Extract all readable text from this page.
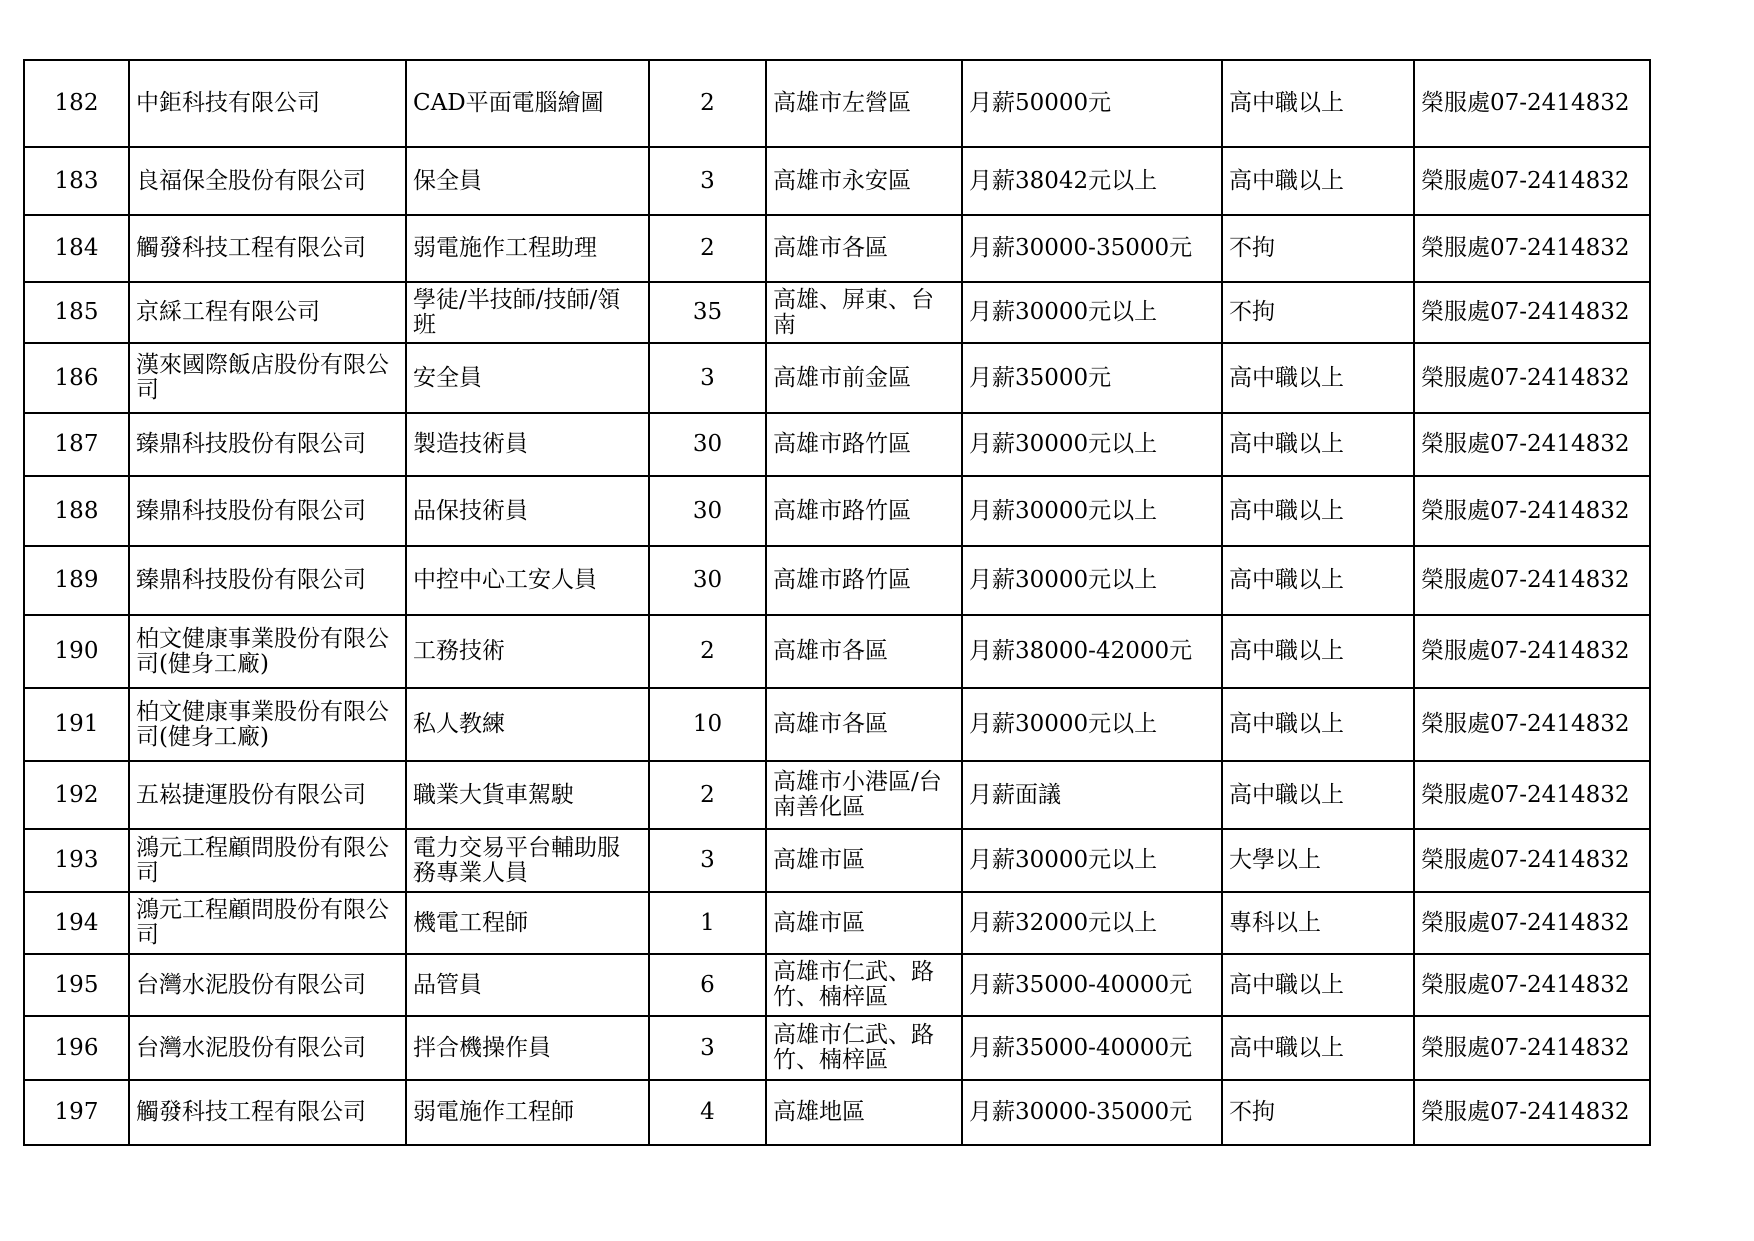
182	中鉅科技有限公司	CAD平面電腦繪圖	2	高雄市左營區	月薪50000元	高中職以上	榮服處07-2414832
183	良福保全股份有限公司	保全員	3	高雄市永安區	月薪38042元以上	高中職以上	榮服處07-2414832
184	觸發科技工程有限公司	弱電施作工程助理	2	高雄市各區	月薪30000-35000元	不拘	榮服處07-2414832
185	京綵工程有限公司	學徒/半技師/技師/領班	35	高雄、屏東、台南	月薪30000元以上	不拘	榮服處07-2414832
186	漢來國際飯店股份有限公司	安全員	3	高雄市前金區	月薪35000元	高中職以上	榮服處07-2414832
187	臻鼎科技股份有限公司	製造技術員	30	高雄市路竹區	月薪30000元以上	高中職以上	榮服處07-2414832
188	臻鼎科技股份有限公司	品保技術員	30	高雄市路竹區	月薪30000元以上	高中職以上	榮服處07-2414832
189	臻鼎科技股份有限公司	中控中心工安人員	30	高雄市路竹區	月薪30000元以上	高中職以上	榮服處07-2414832
190	柏文健康事業股份有限公司(健身工廠)	工務技術	2	高雄市各區	月薪38000-42000元	高中職以上	榮服處07-2414832
191	柏文健康事業股份有限公司(健身工廠)	私人教練	10	高雄市各區	月薪30000元以上	高中職以上	榮服處07-2414832
192	五崧捷運股份有限公司	職業大貨車駕駛	2	高雄市小港區/台南善化區	月薪面議	高中職以上	榮服處07-2414832
193	鴻元工程顧問股份有限公司	電力交易平台輔助服務專業人員	3	高雄市區	月薪30000元以上	大學以上	榮服處07-2414832
194	鴻元工程顧問股份有限公司	機電工程師	1	高雄市區	月薪32000元以上	專科以上	榮服處07-2414832
195	台灣水泥股份有限公司	品管員	6	高雄市仁武、路竹、楠梓區	月薪35000-40000元	高中職以上	榮服處07-2414832
196	台灣水泥股份有限公司	拌合機操作員	3	高雄市仁武、路竹、楠梓區	月薪35000-40000元	高中職以上	榮服處07-2414832
197	觸發科技工程有限公司	弱電施作工程師	4	高雄地區	月薪30000-35000元	不拘	榮服處07-2414832
